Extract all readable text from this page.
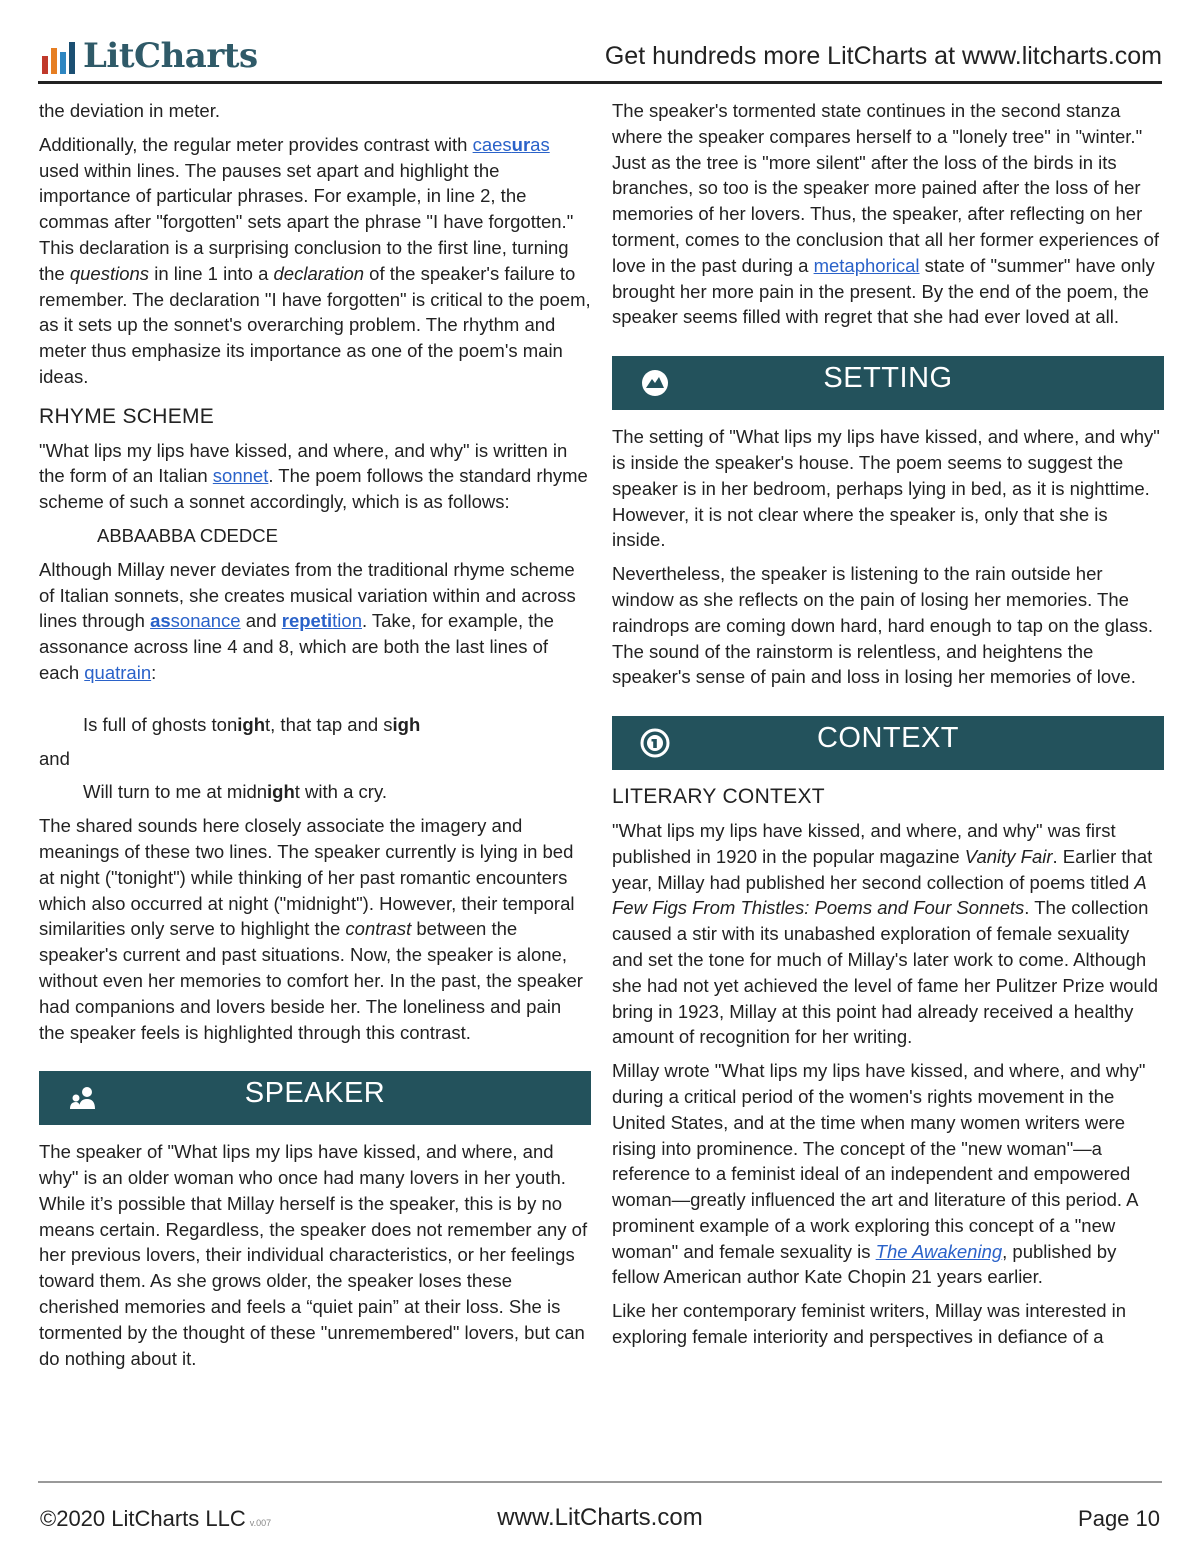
LitCharts	Get hundreds more LitCharts at www.litcharts.com

the deviation in meter.

Additionally, the regular meter provides contrast with caesuras used within lines. The pauses set apart and highlight the importance of particular phrases. For example, in line 2, the commas after "forgotten" sets apart the phrase "I have forgotten." This declaration is a surprising conclusion to the first line, turning the questions in line 1 into a declaration of the speaker's failure to remember. The declaration "I have forgotten" is critical to the poem, as it sets up the sonnet's overarching problem. The rhythm and meter thus emphasize its importance as one of the poem's main ideas.

RHYME SCHEME

"What lips my lips have kissed, and where, and why" is written in the form of an Italian sonnet. The poem follows the standard rhyme scheme of such a sonnet accordingly, which is as follows:

ABBAABBA CDEDCE

Although Millay never deviates from the traditional rhyme scheme of Italian sonnets, she creates musical variation within and across lines through assonance and repetition. Take, for example, the assonance across line 4 and 8, which are both the last lines of each quatrain:

Is full of ghosts tonight, that tap and sigh

and

Will turn to me at midnight with a cry.

The shared sounds here closely associate the imagery and meanings of these two lines. The speaker currently is lying in bed at night ("tonight") while thinking of her past romantic encounters which also occurred at night ("midnight"). However, their temporal similarities only serve to highlight the contrast between the speaker's current and past situations. Now, the speaker is alone, without even her memories to comfort her. In the past, the speaker had companions and lovers beside her. The loneliness and pain the speaker feels is highlighted through this contrast.

SPEAKER

The speaker of "What lips my lips have kissed, and where, and why" is an older woman who once had many lovers in her youth. While it’s possible that Millay herself is the speaker, this is by no means certain. Regardless, the speaker does not remember any of her previous lovers, their individual characteristics, or her feelings toward them. As she grows older, the speaker loses these cherished memories and feels a “quiet pain” at their loss. She is tormented by the thought of these "unremembered" lovers, but can do nothing about it.

The speaker's tormented state continues in the second stanza where the speaker compares herself to a "lonely tree" in "winter." Just as the tree is "more silent" after the loss of the birds in its branches, so too is the speaker more pained after the loss of her memories of her lovers. Thus, the speaker, after reflecting on her torment, comes to the conclusion that all her former experiences of love in the past during a metaphorical state of "summer" have only brought her more pain in the present. By the end of the poem, the speaker seems filled with regret that she had ever loved at all.

SETTING

The setting of "What lips my lips have kissed, and where, and why" is inside the speaker's house. The poem seems to suggest the speaker is in her bedroom, perhaps lying in bed, as it is nighttime. However, it is not clear where the speaker is, only that she is inside.

Nevertheless, the speaker is listening to the rain outside her window as she reflects on the pain of losing her memories. The raindrops are coming down hard, hard enough to tap on the glass. The sound of the rainstorm is relentless, and heightens the speaker's sense of pain and loss in losing her memories of love.

CONTEXT
LITERARY CONTEXT

"What lips my lips have kissed, and where, and why" was first published in 1920 in the popular magazine Vanity Fair. Earlier that year, Millay had published her second collection of poems titled A Few Figs From Thistles: Poems and Four Sonnets. The collection caused a stir with its unabashed exploration of female sexuality and set the tone for much of Millay's later work to come. Although she had not yet achieved the level of fame her Pulitzer Prize would bring in 1923, Millay at this point had already received a healthy amount of recognition for her writing.

Millay wrote "What lips my lips have kissed, and where, and why" during a critical period of the women's rights movement in the United States, and at the time when many women writers were rising into prominence. The concept of the "new woman"—a reference to a feminist ideal of an independent and empowered woman—greatly influenced the art and literature of this period. A prominent example of a work exploring this concept of a "new woman" and female sexuality is The Awakening, published by fellow American author Kate Chopin 21 years earlier.

Like her contemporary feminist writers, Millay was interested in exploring female interiority and perspectives in defiance of a

©2020 LitCharts LLC v.007	www.LitCharts.com	Page 10
